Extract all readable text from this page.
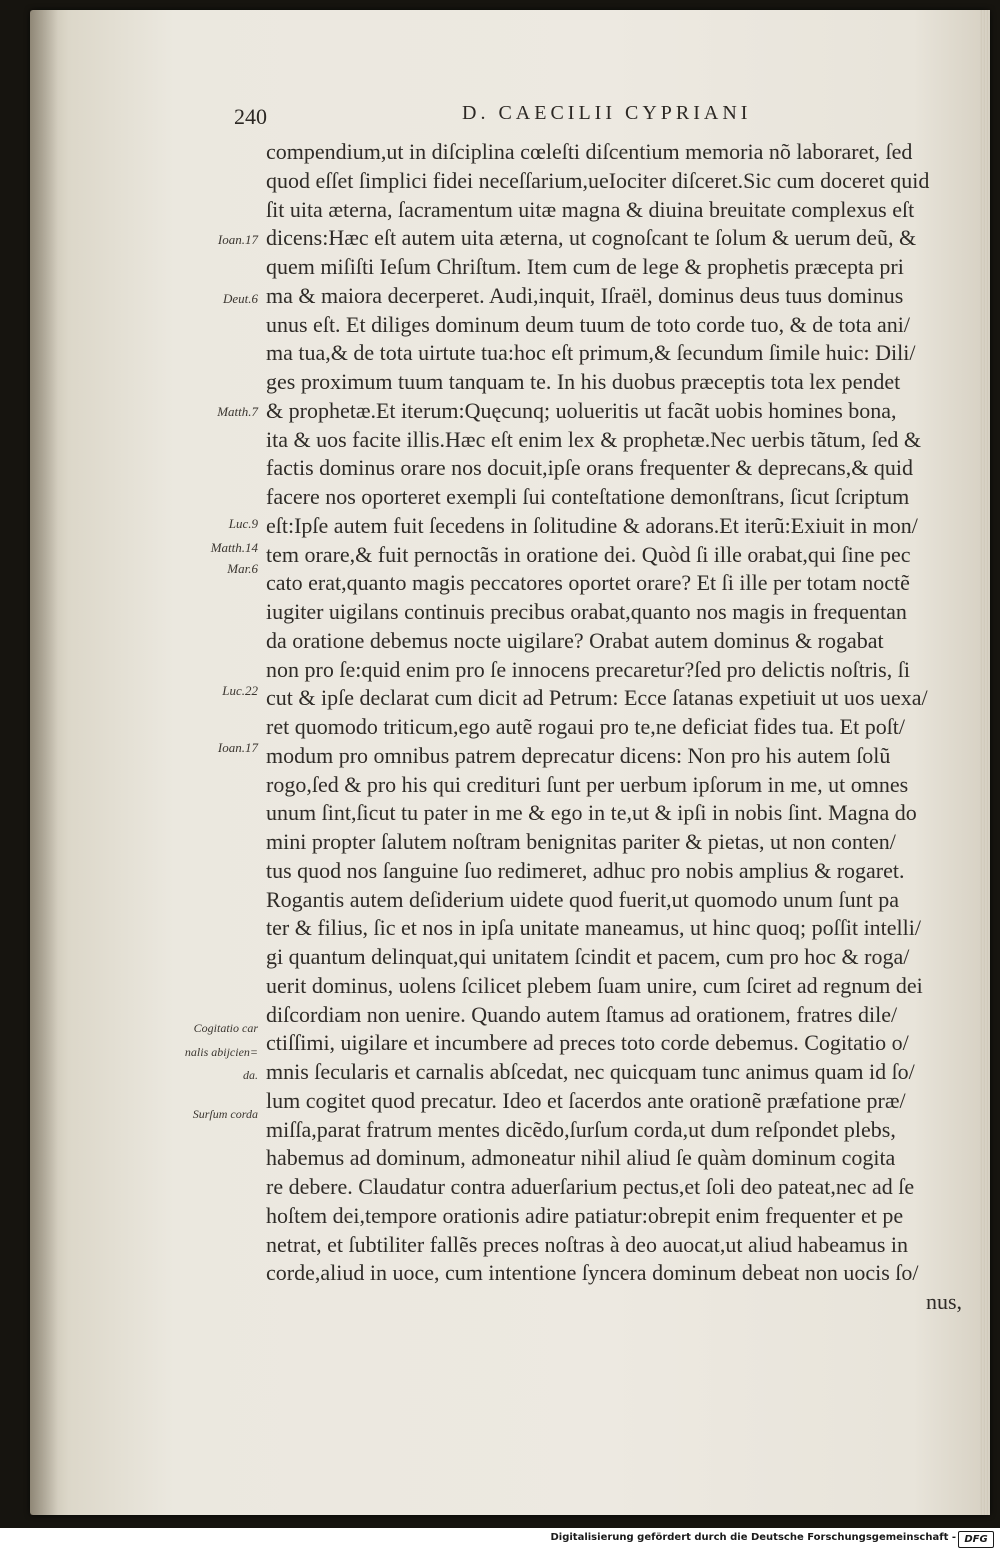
240	D. CAECILII CYPRIANI
compendium,ut in diſciplina cœleſti diſcentium memoria nõ laboraret, ſed
quod eſſet ſimplici fidei neceſſarium,ueIociter diſceret.Sic cum doceret quid
ſit uita æterna, ſacramentum uitæ magna & diuina breuitate complexus eſt
dicens:Hæc eſt autem uita æterna, ut cognoſcant te ſolum & uerum deũ, &
quem miſiſti Ieſum Chriſtum. Item cum de lege & prophetis præcepta pri
ma & maiora decerperet. Audi,inquit, Iſraël, dominus deus tuus dominus
unus eſt. Et diliges dominum deum tuum de toto corde tuo, & de tota ani/
ma tua,& de tota uirtute tua:hoc eſt primum,& ſecundum ſimile huic: Dili/
ges proximum tuum tanquam te. In his duobus præceptis tota lex pendet
& prophetæ.Et iterum:Quęcunq; uolueritis ut facãt uobis homines bona,
ita & uos facite illis.Hæc eſt enim lex & prophetæ.Nec uerbis tãtum, ſed &
factis dominus orare nos docuit,ipſe orans frequenter & deprecans,& quid
facere nos oporteret exempli ſui conteſtatione demonſtrans, ſicut ſcriptum
eſt:Ipſe autem fuit ſecedens in ſolitudine & adorans.Et iterũ:Exiuit in mon/
tem orare,& fuit pernoctãs in oratione dei. Quòd ſi ille orabat,qui ſine pec
cato erat,quanto magis peccatores oportet orare? Et ſi ille per totam noctẽ
iugiter uigilans continuis precibus orabat,quanto nos magis in frequentan
da oratione debemus nocte uigilare? Orabat autem dominus & rogabat
non pro ſe:quid enim pro ſe innocens precaretur?ſed pro delictis noſtris, ſi
cut & ipſe declarat cum dicit ad Petrum: Ecce ſatanas expetiuit ut uos uexa/
ret quomodo triticum,ego autẽ rogaui pro te,ne deficiat fides tua. Et poſt/
modum pro omnibus patrem deprecatur dicens: Non pro his autem ſolũ
rogo,ſed & pro his qui credituri ſunt per uerbum ipſorum in me, ut omnes
unum ſint,ſicut tu pater in me & ego in te,ut & ipſi in nobis ſint. Magna do
mini propter ſalutem noſtram benignitas pariter & pietas, ut non conten/
tus quod nos ſanguine ſuo redimeret, adhuc pro nobis amplius & rogaret.
Rogantis autem deſiderium uidete quod fuerit,ut quomodo unum ſunt pa
ter & filius, ſic et nos in ipſa unitate maneamus, ut hinc quoq; poſſit intelli/
gi quantum delinquat,qui unitatem ſcindit et pacem, cum pro hoc & roga/
uerit dominus, uolens ſcilicet plebem ſuam unire, cum ſciret ad regnum dei
diſcordiam non uenire. Quando autem ſtamus ad orationem, fratres dile/
ctiſſimi, uigilare et incumbere ad preces toto corde debemus. Cogitatio o/
mnis ſecularis et carnalis abſcedat, nec quicquam tunc animus quam id ſo/
lum cogitet quod precatur. Ideo et ſacerdos ante orationẽ præfatione præ/
miſſa,parat fratrum mentes dicẽdo,ſurſum corda,ut dum reſpondet plebs,
habemus ad dominum, admoneatur nihil aliud ſe quàm dominum cogita
re debere. Claudatur contra aduerſarium pectus,et ſoli deo pateat,nec ad ſe
hoſtem dei,tempore orationis adire patiatur:obrepit enim frequenter et pe
netrat, et ſubtiliter fallẽs preces noſtras à deo auocat,ut aliud habeamus in
corde,aliud in uoce, cum intentione ſyncera dominum debeat non uocis ſo/
nus,
Ioan.17
Deut.6
Matth.7
Luc.9
Matth.14
Mar.6
Luc.22
Ioan.17
Cogitatio car
nalis abijcien=
da.
Surſum corda
Digitalisierung gefördert durch die Deutsche Forschungsgemeinschaft - DFG
